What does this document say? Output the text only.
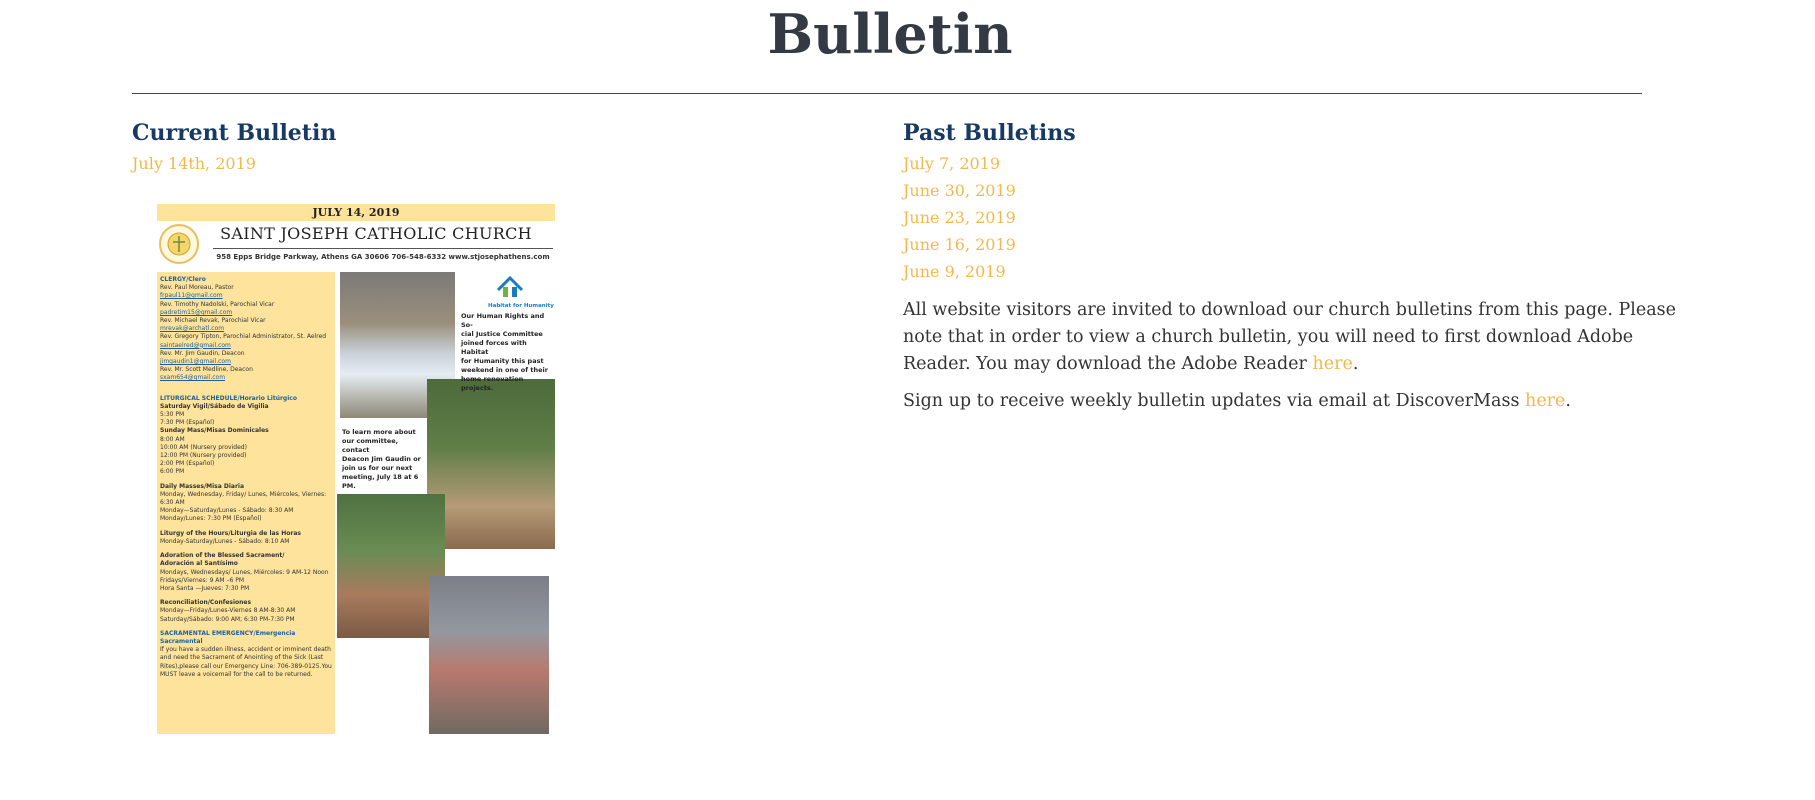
Bulletin
Current Bulletin
July 14th, 2019
JULY 14, 2019
SAINT JOSEPH CATHOLIC CHURCH
958 Epps Bridge Parkway, Athens GA 30606 706-548-6332 www.stjosephathens.com
CLERGY/Clero
Rev. Paul Moreau, Pastor
frpaul11@gmail.com
Rev. Timothy Nadolski, Parochial Vicar
padretim15@gmail.com
Rev. Michael Revak, Parochial Vicar
mrevak@archatl.com
Rev. Gregory Tipton, Parochial Administrator, St. Aelred
saintaelred@gmail.com
Rev. Mr. Jim Gaudin, Deacon
jimgaudin1@gmail.com
Rev. Mr. Scott Medline, Deacon
sxam654@gmail.com
LITURGICAL SCHEDULE/Horario Litúrgico
Saturday Vigil/Sábado de Vigilia
5:30 PM
7:30 PM (Español)
Sunday Mass/Misas Dominicales
8:00 AM
10:00 AM (Nursery provided)
12:00 PM (Nursery provided)
2:00 PM (Español)
6:00 PM
Daily Masses/Misa Diaria
Monday, Wednesday, Friday/ Lunes, Miércoles, Viernes:
6:30 AM
Monday—Saturday/Lunes - Sábado: 8:30 AM
Monday/Lunes: 7:30 PM (Español)
Liturgy of the Hours/Liturgia de las Horas
Monday-Saturday/Lunes - Sábado: 8:10 AM
Adoration of the Blessed Sacrament/
Adoración al Santísimo
Mondays, Wednesdays/ Lunes, Miércoles: 9 AM-12 Noon
Fridays/Viernes: 9 AM –6 PM
Hora Santa —Jueves: 7:30 PM
Reconciliation/Confesiones
Monday—Friday/Lunes-Viernes 8 AM-8:30 AM
Saturday/Sábado: 9:00 AM; 6:30 PM-7:30 PM
SACRAMENTAL EMERGENCY/Emergencia Sacramental
If you have a sudden illness, accident or imminent death
and need the Sacrament of Anointing of the Sick (Last
Rites),please call our Emergency Line: 706-389-0125.You
MUST leave a voicemail for the call to be returned.
Habitat for Humanity
Our Human Rights and So-
cial Justice Committee
joined forces with Habitat
for Humanity this past
weekend in one of their
home renovation projects.
To learn more about
our committee, contact
Deacon Jim Gaudin or
join us for our next
meeting, July 18 at 6
PM.
Past Bulletins
July 7, 2019
June 30, 2019
June 23, 2019
June 16, 2019
June 9, 2019

All website visitors are invited to download our church bulletins from this page. Please note that in order to view a church bulletin, you will need to first download Adobe Reader. You may download the Adobe Reader here.

Sign up to receive weekly bulletin updates via email at DiscoverMass here.
